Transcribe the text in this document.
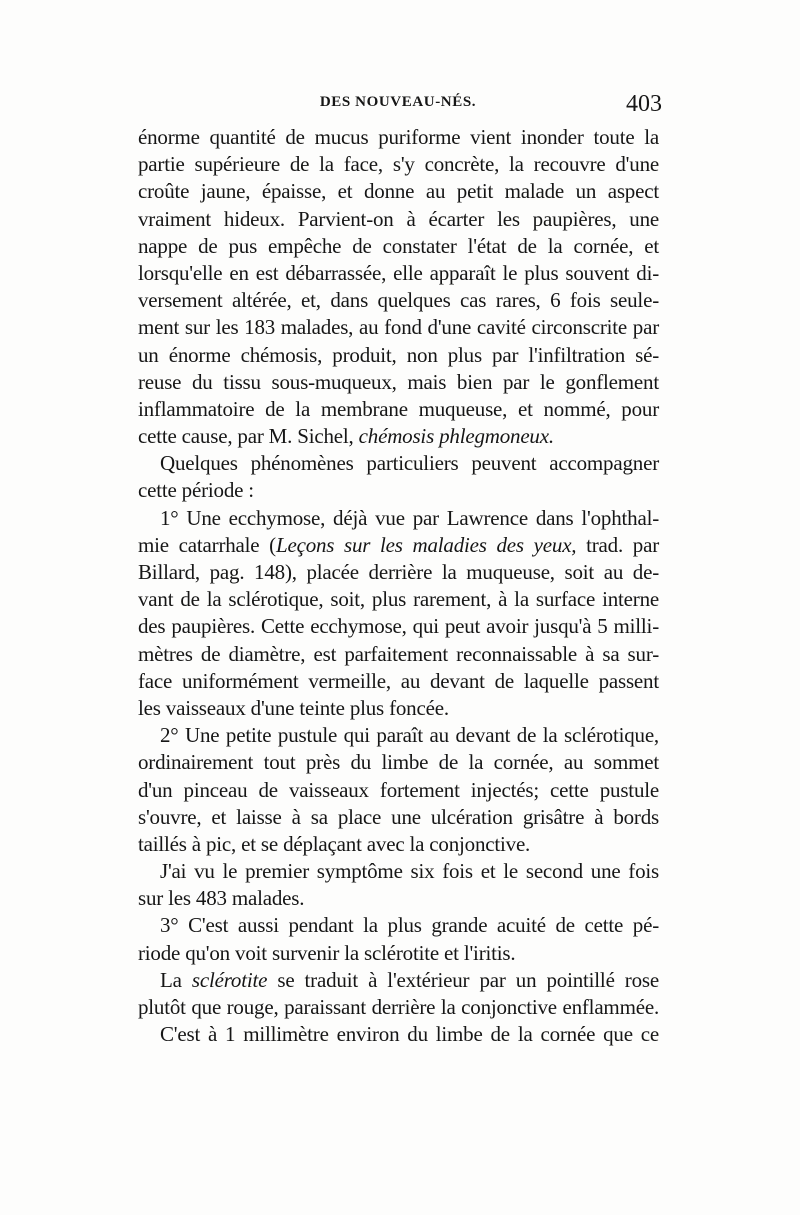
DES NOUVEAU-NÉS.	403
énorme quantité de mucus puriforme vient inonder toute la
partie supérieure de la face, s'y concrète, la recouvre d'une
croûte jaune, épaisse, et donne au petit malade un aspect
vraiment hideux. Parvient-on à écarter les paupières, une
nappe de pus empêche de constater l'état de la cornée, et
lorsqu'elle en est débarrassée, elle apparaît le plus souvent di-
versement altérée, et, dans quelques cas rares, 6 fois seule-
ment sur les 183 malades, au fond d'une cavité circonscrite par
un énorme chémosis, produit, non plus par l'infiltration sé-
reuse du tissu sous-muqueux, mais bien par le gonflement
inflammatoire de la membrane muqueuse, et nommé, pour
cette cause, par M. Sichel, chémosis phlegmoneux.
Quelques phénomènes particuliers peuvent accompagner
cette période :
1° Une ecchymose, déjà vue par Lawrence dans l'ophthal-
mie catarrhale (Leçons sur les maladies des yeux, trad. par
Billard, pag. 148), placée derrière la muqueuse, soit au de-
vant de la sclérotique, soit, plus rarement, à la surface interne
des paupières. Cette ecchymose, qui peut avoir jusqu'à 5 milli-
mètres de diamètre, est parfaitement reconnaissable à sa sur-
face uniformément vermeille, au devant de laquelle passent
les vaisseaux d'une teinte plus foncée.
2° Une petite pustule qui paraît au devant de la sclérotique,
ordinairement tout près du limbe de la cornée, au sommet
d'un pinceau de vaisseaux fortement injectés; cette pustule
s'ouvre, et laisse à sa place une ulcération grisâtre à bords
taillés à pic, et se déplaçant avec la conjonctive.
J'ai vu le premier symptôme six fois et le second une fois
sur les 483 malades.
3° C'est aussi pendant la plus grande acuité de cette pé-
riode qu'on voit survenir la sclérotite et l'iritis.
La sclérotite se traduit à l'extérieur par un pointillé rose
plutôt que rouge, paraissant derrière la conjonctive enflammée.
C'est à 1 millimètre environ du limbe de la cornée que ce
